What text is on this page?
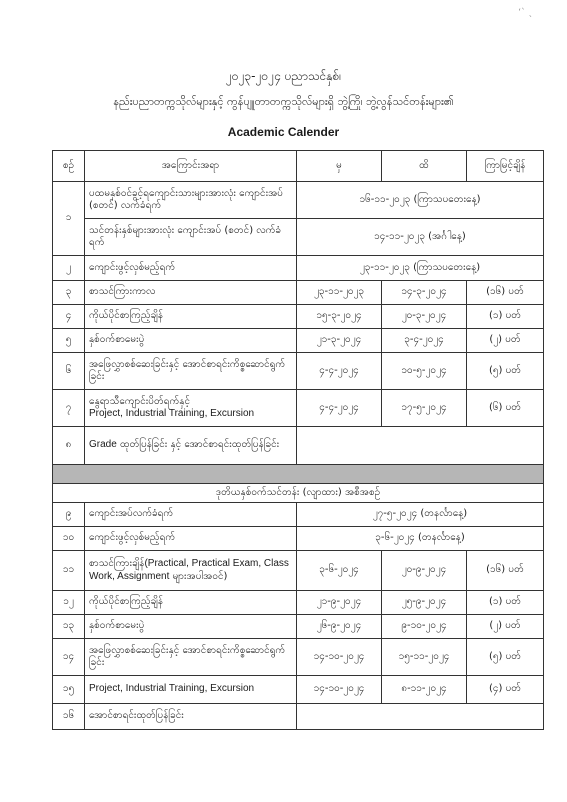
ʻ` ˎ
၂၀၂၃-၂၀၂၄ ပညာသင်နှစ်၊
နည်းပညာတက္ကသိုလ်များနှင့် ကွန်ပျူတာတက္ကသိုလ်များရှိ ဘွဲ့ကြို၊ ဘွဲ့လွန်သင်တန်းများ၏
Academic Calender
စဉ်	အကြောင်းအရာ	မှ	ထိ	ကြာမြင့်ချိန်
၁	ပထမနှစ်ဝင်ခွင့်ရကျောင်းသားများအားလုံး ကျောင်းအပ် (စတင်) လက်ခံရက်	၁၆-၁၁-၂၀၂၃ (ကြာသပတေးနေ့)		
	သင်တန်းနှစ်များအားလုံး ကျောင်းအပ် (စတင်) လက်ခံရက်	၁၄-၁၁-၂၀၂၃ (အင်္ဂါနေ့)		
၂	ကျောင်းဖွင့်လှစ်မည့်ရက်	၂၃-၁၁-၂၀၂၃ (ကြာသပတေးနေ့)		
၃	စာသင်ကြားကာလ	၂၃-၁၁-၂၀၂၃	၁၄-၃-၂၀၂၄	(၁၆) ပတ်
၄	ကိုယ်ပိုင်စာကြည့်ချိန်	၁၅-၃-၂၀၂၄	၂၀-၃-၂၀၂၄	(၁) ပတ်
၅	နှစ်ဝက်စာမေးပွဲ	၂၁-၃-၂၀၂၄	၃-၄-၂၀၂၄	(၂) ပတ်
၆	အဖြေလွှာစစ်ဆေးခြင်းနှင့် အောင်စာရင်းကိစ္စဆောင်ရွက်ခြင်း	၄-၄-၂၀၂၄	၁၀-၅-၂၀၂၄	(၅) ပတ်
၇	နွေရာသီကျောင်းပိတ်ရက်နှင့်
Project, Industrial Training, Excursion	၄-၄-၂၀၂၄	၁၇-၅-၂၀၂၄	(၆) ပတ်
၈	Grade ထုတ်ပြန်ခြင်း နှင့် အောင်စာရင်းထုတ်ပြန်ခြင်း			

ဒုတိယနှစ်ဝက်သင်တန်း (လျာထား) အစီအစဉ်				
၉	ကျောင်းအပ်လက်ခံရက်	၂၇-၅-၂၀၂၄ (တနင်္လာနေ့)		
၁၀	ကျောင်းဖွင့်လှစ်မည့်ရက်	၃-၆-၂၀၂၄ (တနင်္လာနေ့)		
၁၁	စာသင်ကြားချိန်(Practical, Practical Exam, Class Work, Assignment များအပါအဝင်)	၃-၆-၂၀၂၄	၂၀-၉-၂၀၂၄	(၁၆) ပတ်
၁၂	ကိုယ်ပိုင်စာကြည့်ချိန်	၂၁-၉-၂၀၂၄	၂၅-၉-၂၀၂၄	(၁) ပတ်
၁၃	နှစ်ဝက်စာမေးပွဲ	၂၆-၉-၂၀၂၄	၉-၁၀-၂၀၂၄	(၂) ပတ်
၁၄	အဖြေလွှာစစ်ဆေးခြင်းနှင့် အောင်စာရင်းကိစ္စဆောင်ရွက်ခြင်း	၁၄-၁၀-၂၀၂၄	၁၅-၁၁-၂၀၂၄	(၅) ပတ်
၁၅	Project, Industrial Training, Excursion	၁၄-၁၀-၂၀၂၄	၈-၁၁-၂၀၂၄	(၄) ပတ်
၁၆	အောင်စာရင်းထုတ်ပြန်ခြင်း			
